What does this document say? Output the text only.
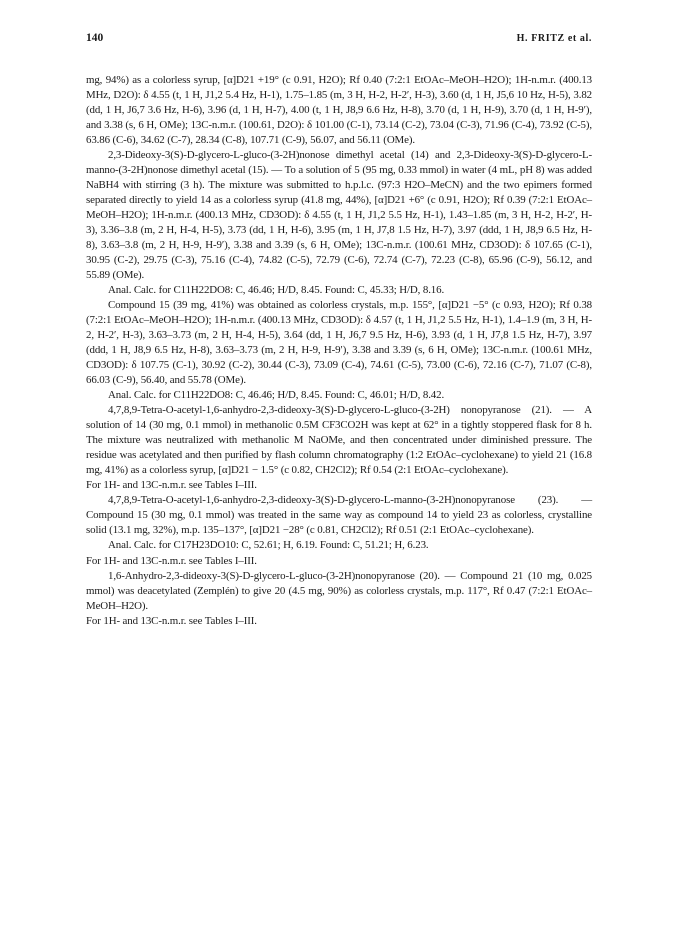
140	H. FRITZ et al.

mg, 94%) as a colorless syrup, [α]D21 +19° (c 0.91, H2O); Rf 0.40 (7:2:1 EtOAc–MeOH–H2O); 1H-n.m.r. (400.13 MHz, D2O): δ 4.55 (t, 1 H, J1,2 5.4 Hz, H-1), 1.75–1.85 (m, 3 H, H-2, H-2′, H-3), 3.60 (d, 1 H, J5,6 10 Hz, H-5), 3.82 (dd, 1 H, J6,7 3.6 Hz, H-6), 3.96 (d, 1 H, H-7), 4.00 (t, 1 H, J8,9 6.6 Hz, H-8), 3.70 (d, 1 H, H-9), 3.70 (d, 1 H, H-9′), and 3.38 (s, 6 H, OMe); 13C-n.m.r. (100.61, D2O): δ 101.00 (C-1), 73.14 (C-2), 73.04 (C-3), 71.96 (C-4), 73.92 (C-5), 63.86 (C-6), 34.62 (C-7), 28.34 (C-8), 107.71 (C-9), 56.07, and 56.11 (OMe).

2,3-Dideoxy-3(S)-D-glycero-L-gluco-(3-2H)nonose dimethyl acetal (14) and 2,3-Dideoxy-3(S)-D-glycero-L-manno-(3-2H)nonose dimethyl acetal (15). — To a solution of 5 (95 mg, 0.33 mmol) in water (4 mL, pH 8) was added NaBH4 with stirring (3 h). The mixture was submitted to h.p.l.c. (97:3 H2O–MeCN) and the two epimers formed separated directly to yield 14 as a colorless syrup (41.8 mg, 44%), [α]D21 +6° (c 0.91, H2O); Rf 0.39 (7:2:1 EtOAc–MeOH–H2O); 1H-n.m.r. (400.13 MHz, CD3OD): δ 4.55 (t, 1 H, J1,2 5.5 Hz, H-1), 1.43–1.85 (m, 3 H, H-2, H-2′, H-3), 3.36–3.8 (m, 2 H, H-4, H-5), 3.73 (dd, 1 H, H-6), 3.95 (m, 1 H, J7,8 1.5 Hz, H-7), 3.97 (ddd, 1 H, J8,9 6.5 Hz, H-8), 3.63–3.8 (m, 2 H, H-9, H-9′), 3.38 and 3.39 (s, 6 H, OMe); 13C-n.m.r. (100.61 MHz, CD3OD): δ 107.65 (C-1), 30.95 (C-2), 29.75 (C-3), 75.16 (C-4), 74.82 (C-5), 72.79 (C-6), 72.74 (C-7), 72.23 (C-8), 65.96 (C-9), 56.12, and 55.89 (OMe).

Anal. Calc. for C11H22DO8: C, 46.46; H/D, 8.45. Found: C, 45.33; H/D, 8.16.

Compound 15 (39 mg, 41%) was obtained as colorless crystals, m.p. 155°, [α]D21 −5° (c 0.93, H2O); Rf 0.38 (7:2:1 EtOAc–MeOH–H2O); 1H-n.m.r. (400.13 MHz, CD3OD): δ 4.57 (t, 1 H, J1,2 5.5 Hz, H-1), 1.4–1.9 (m, 3 H, H-2, H-2′, H-3), 3.63–3.73 (m, 2 H, H-4, H-5), 3.64 (dd, 1 H, J6,7 9.5 Hz, H-6), 3.93 (d, 1 H, J7,8 1.5 Hz, H-7), 3.97 (ddd, 1 H, J8,9 6.5 Hz, H-8), 3.63–3.73 (m, 2 H, H-9, H-9′), 3.38 and 3.39 (s, 6 H, OMe); 13C-n.m.r. (100.61 MHz, CD3OD): δ 107.75 (C-1), 30.92 (C-2), 30.44 (C-3), 73.09 (C-4), 74.61 (C-5), 73.00 (C-6), 72.16 (C-7), 71.07 (C-8), 66.03 (C-9), 56.40, and 55.78 (OMe).

Anal. Calc. for C11H22DO8: C, 46.46; H/D, 8.45. Found: C, 46.01; H/D, 8.42.

4,7,8,9-Tetra-O-acetyl-1,6-anhydro-2,3-dideoxy-3(S)-D-glycero-L-gluco-(3-2H) nonopyranose (21). — A solution of 14 (30 mg, 0.1 mmol) in methanolic 0.5M CF3CO2H was kept at 62° in a tightly stoppered flask for 8 h. The mixture was neutralized with methanolic M NaOMe, and then concentrated under diminished pressure. The residue was acetylated and then purified by flash column chromatography (1:2 EtOAc–cyclohexane) to yield 21 (16.8 mg, 41%) as a colorless syrup, [α]D21 − 1.5° (c 0.82, CH2Cl2); Rf 0.54 (2:1 EtOAc–cyclohexane).

For 1H- and 13C-n.m.r. see Tables I–III.

4,7,8,9-Tetra-O-acetyl-1,6-anhydro-2,3-dideoxy-3(S)-D-glycero-L-manno-(3-2H)nonopyranose (23). — Compound 15 (30 mg, 0.1 mmol) was treated in the same way as compound 14 to yield 23 as colorless, crystalline solid (13.1 mg, 32%), m.p. 135–137°, [α]D21 −28° (c 0.81, CH2Cl2); Rf 0.51 (2:1 EtOAc–cyclohexane).

Anal. Calc. for C17H23DO10: C, 52.61; H, 6.19. Found: C, 51.21; H, 6.23.

For 1H- and 13C-n.m.r. see Tables I–III.

1,6-Anhydro-2,3-dideoxy-3(S)-D-glycero-L-gluco-(3-2H)nonopyranose (20). — Compound 21 (10 mg, 0.025 mmol) was deacetylated (Zemplén) to give 20 (4.5 mg, 90%) as colorless crystals, m.p. 117°, Rf 0.47 (7:2:1 EtOAc–MeOH–H2O).

For 1H- and 13C-n.m.r. see Tables I–III.
